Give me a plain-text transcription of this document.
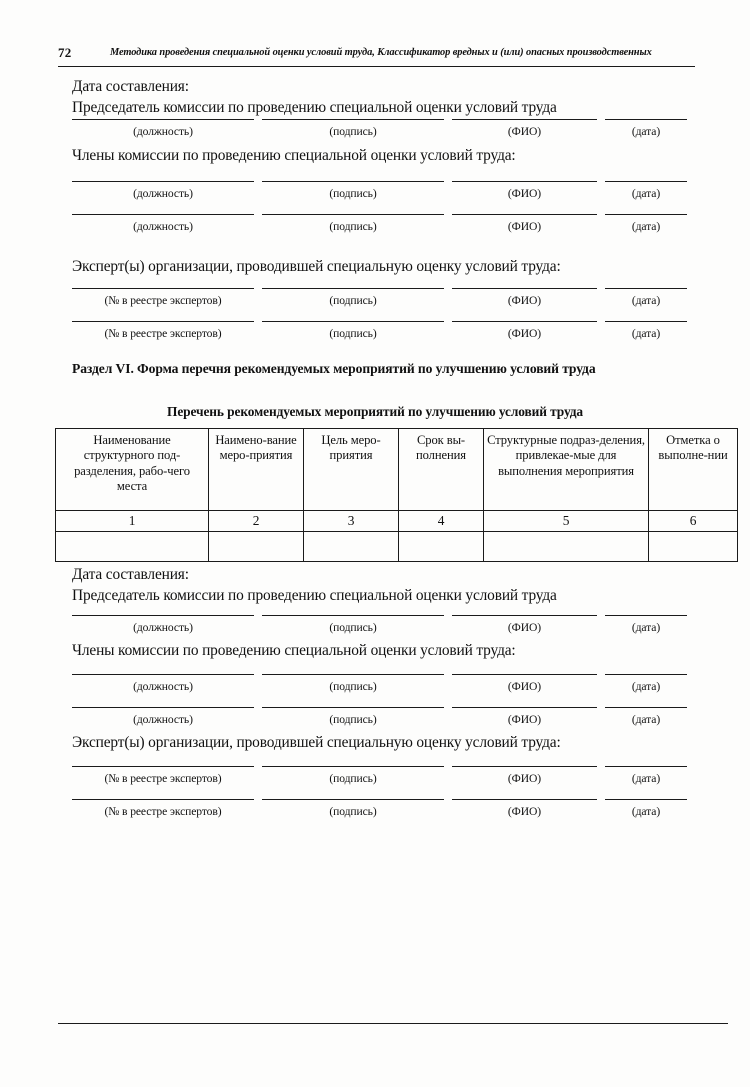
72	Методика проведения специальной оценки условий труда, Классификатор вредных и (или) опасных производственных
Дата составления:
Председатель комиссии по проведению специальной оценки условий труда
(должность)	(подпись)	(ФИО)	(дата)
Члены комиссии по проведению специальной оценки условий труда:
(должность)	(подпись)	(ФИО)	(дата)
(должность)	(подпись)	(ФИО)	(дата)
Эксперт(ы) организации, проводившей специальную оценку условий труда:
(№ в реестре экспертов)	(подпись)	(ФИО)	(дата)
(№ в реестре экспертов)	(подпись)	(ФИО)	(дата)
Раздел VI. Форма перечня рекомендуемых мероприятий по улучшению условий труда
Перечень рекомендуемых мероприятий по улучшению условий труда
Наименование структурного под-разделения, рабо-чего места	Наимено-вание меро-приятия	Цель меро-приятия	Срок вы-полнения	Структурные подраз-деления, привлекае-мые для выполнения мероприятия	Отметка о выполне-нии
1	2	3	4	5	6

Дата составления:
Председатель комиссии по проведению специальной оценки условий труда
(должность)	(подпись)	(ФИО)	(дата)
Члены комиссии по проведению специальной оценки условий труда:
(должность)	(подпись)	(ФИО)	(дата)
(должность)	(подпись)	(ФИО)	(дата)
Эксперт(ы) организации, проводившей специальную оценку условий труда:
(№ в реестре экспертов)	(подпись)	(ФИО)	(дата)
(№ в реестре экспертов)	(подпись)	(ФИО)	(дата)
